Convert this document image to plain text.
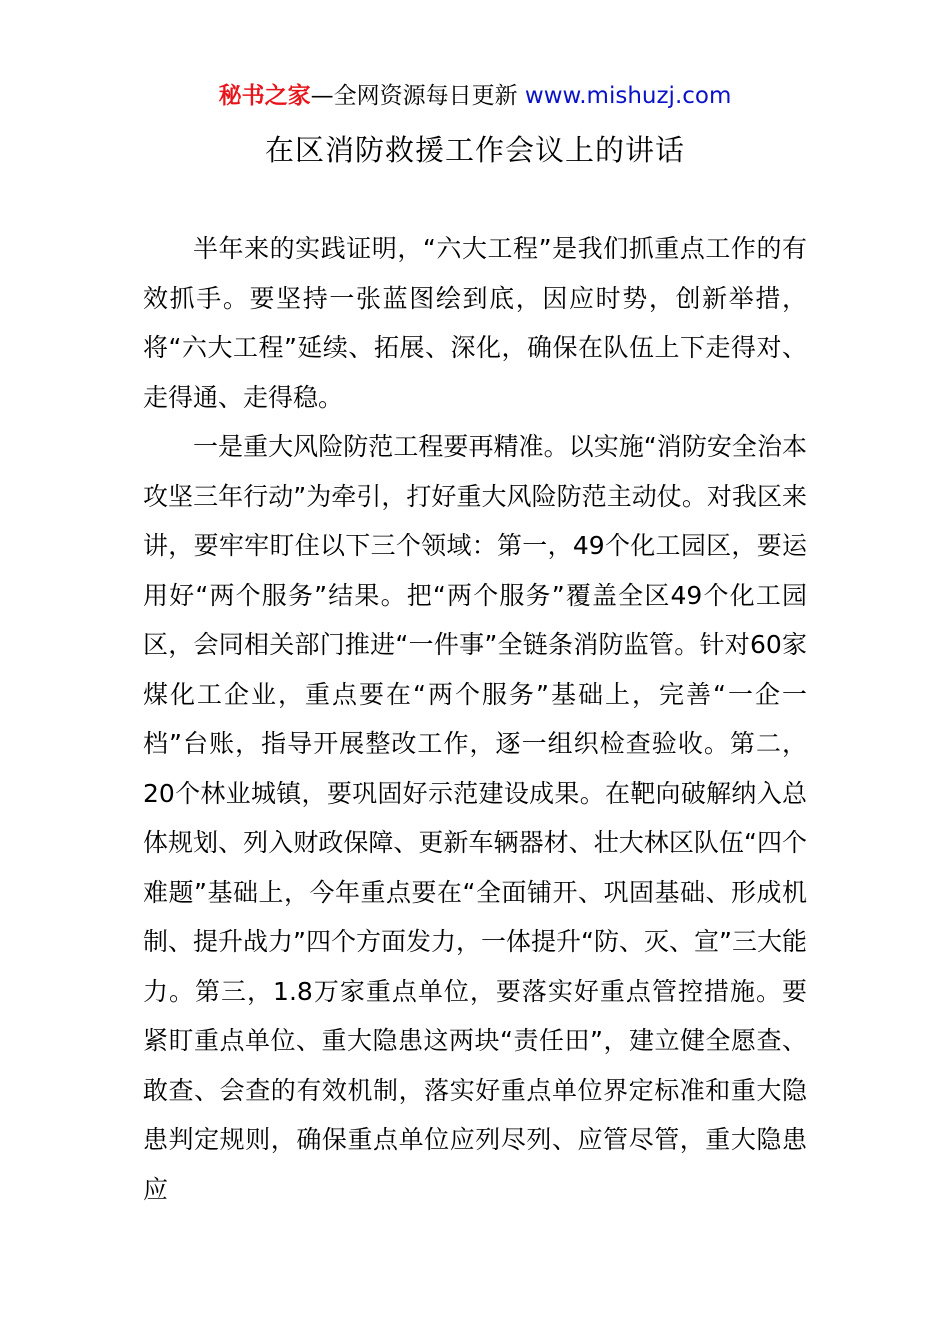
秘书之家—全网资源每日更新 www.mishuzj.com
在区消防救援工作会议上的讲话

半年来的实践证明，“六大工程”是我们抓重点工作的有效抓手。要坚持一张蓝图绘到底，因应时势，创新举措，将“六大工程”延续、拓展、深化，确保在队伍上下走得对、走得通、走得稳。

一是重大风险防范工程要再精准。以实施“消防安全治本攻坚三年行动”为牵引，打好重大风险防范主动仗。对我区来讲，要牢牢盯住以下三个领域：第一，49个化工园区，要运用好“两个服务”结果。把“两个服务”覆盖全区49个化工园区，会同相关部门推进“一件事”全链条消防监管。针对60家煤化工企业，重点要在“两个服务”基础上，完善“一企一档”台账，指导开展整改工作，逐一组织检查验收。第二，20个林业城镇，要巩固好示范建设成果。在靶向破解纳入总体规划、列入财政保障、更新车辆器材、壮大林区队伍“四个难题”基础上，今年重点要在“全面铺开、巩固基础、形成机制、提升战力”四个方面发力，一体提升“防、灭、宣”三大能力。第三，1.8万家重点单位，要落实好重点管控措施。要紧盯重点单位、重大隐患这两块“责任田”，建立健全愿查、敢查、会查的有效机制，落实好重点单位界定标准和重大隐患判定规则，确保重点单位应列尽列、应管尽管，重大隐患应
